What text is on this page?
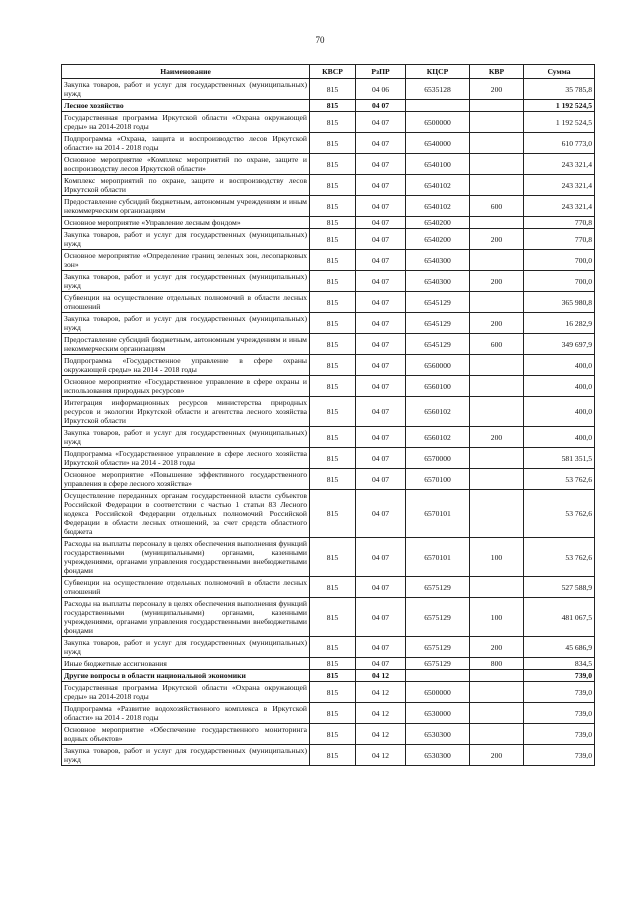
70
Наименование	КВСР	РзПР	КЦСР	КВР	Сумма
Закупка товаров, работ и услуг для государственных (муниципальных) нужд	815	04 06	6535128	200	35 785,8
Лесное хозяйство	815	04 07			1 192 524,5
Государственная программа Иркутской области «Охрана окружающей среды» на 2014-2018 годы	815	04 07	6500000		1 192 524,5
Подпрограмма «Охрана, защита и воспроизводство лесов Иркутской области» на 2014 - 2018 годы	815	04 07	6540000		610 773,0
Основное мероприятие «Комплекс мероприятий по охране, защите и воспроизводству лесов Иркутской области»	815	04 07	6540100		243 321,4
Комплекс мероприятий по охране, защите и воспроизводству лесов Иркутской области	815	04 07	6540102		243 321,4
Предоставление субсидий бюджетным, автономным учреждениям и иным некоммерческим организациям	815	04 07	6540102	600	243 321,4
Основное мероприятие «Управление лесным фондом»	815	04 07	6540200		770,8
Закупка товаров, работ и услуг для государственных (муниципальных) нужд	815	04 07	6540200	200	770,8
Основное мероприятие «Определение границ зеленых зон, лесопарковых зон»	815	04 07	6540300		700,0
Закупка товаров, работ и услуг для государственных (муниципальных) нужд	815	04 07	6540300	200	700,0
Субвенции на осуществление отдельных полномочий в области лесных отношений	815	04 07	6545129		365 980,8
Закупка товаров, работ и услуг для государственных (муниципальных) нужд	815	04 07	6545129	200	16 282,9
Предоставление субсидий бюджетным, автономным учреждениям и иным некоммерческим организациям	815	04 07	6545129	600	349 697,9
Подпрограмма «Государственное управление в сфере охраны окружающей среды» на 2014 - 2018 годы	815	04 07	6560000		400,0
Основное мероприятие «Государственное управление в сфере охраны и использования природных ресурсов»	815	04 07	6560100		400,0
Интеграция информационных ресурсов министерства природных ресурсов и экологии Иркутской области и агентства лесного хозяйства Иркутской области	815	04 07	6560102		400,0
Закупка товаров, работ и услуг для государственных (муниципальных) нужд	815	04 07	6560102	200	400,0
Подпрограмма «Государственное управление в сфере лесного хозяйства Иркутской области» на 2014 - 2018 годы	815	04 07	6570000		581 351,5
Основное мероприятие «Повышение эффективного государственного управления в сфере лесного хозяйства»	815	04 07	6570100		53 762,6
Осуществление переданных органам государственной власти субъектов Российской Федерации в соответствии с частью 1 статьи 83 Лесного кодекса Российской Федерации отдельных полномочий Российской Федерации в области лесных отношений, за счет средств областного бюджета	815	04 07	6570101		53 762,6
Расходы на выплаты персоналу в целях обеспечения выполнения функций государственными (муниципальными) органами, казенными учреждениями, органами управления государственными внебюджетными фондами	815	04 07	6570101	100	53 762,6
Субвенции на осуществление отдельных полномочий в области лесных отношений	815	04 07	6575129		527 588,9
Расходы на выплаты персоналу в целях обеспечения выполнения функций государственными (муниципальными) органами, казенными учреждениями, органами управления государственными внебюджетными фондами	815	04 07	6575129	100	481 067,5
Закупка товаров, работ и услуг для государственных (муниципальных) нужд	815	04 07	6575129	200	45 686,9
Иные бюджетные ассигнования	815	04 07	6575129	800	834,5
Другие вопросы в области национальной экономики	815	04 12			739,0
Государственная программа Иркутской области «Охрана окружающей среды» на 2014-2018 годы	815	04 12	6500000		739,0
Подпрограмма «Развитие водохозяйственного комплекса в Иркутской области» на 2014 - 2018 годы	815	04 12	6530000		739,0
Основное мероприятие «Обеспечение государственного мониторинга водных объектов»	815	04 12	6530300		739,0
Закупка товаров, работ и услуг для государственных (муниципальных) нужд	815	04 12	6530300	200	739,0
